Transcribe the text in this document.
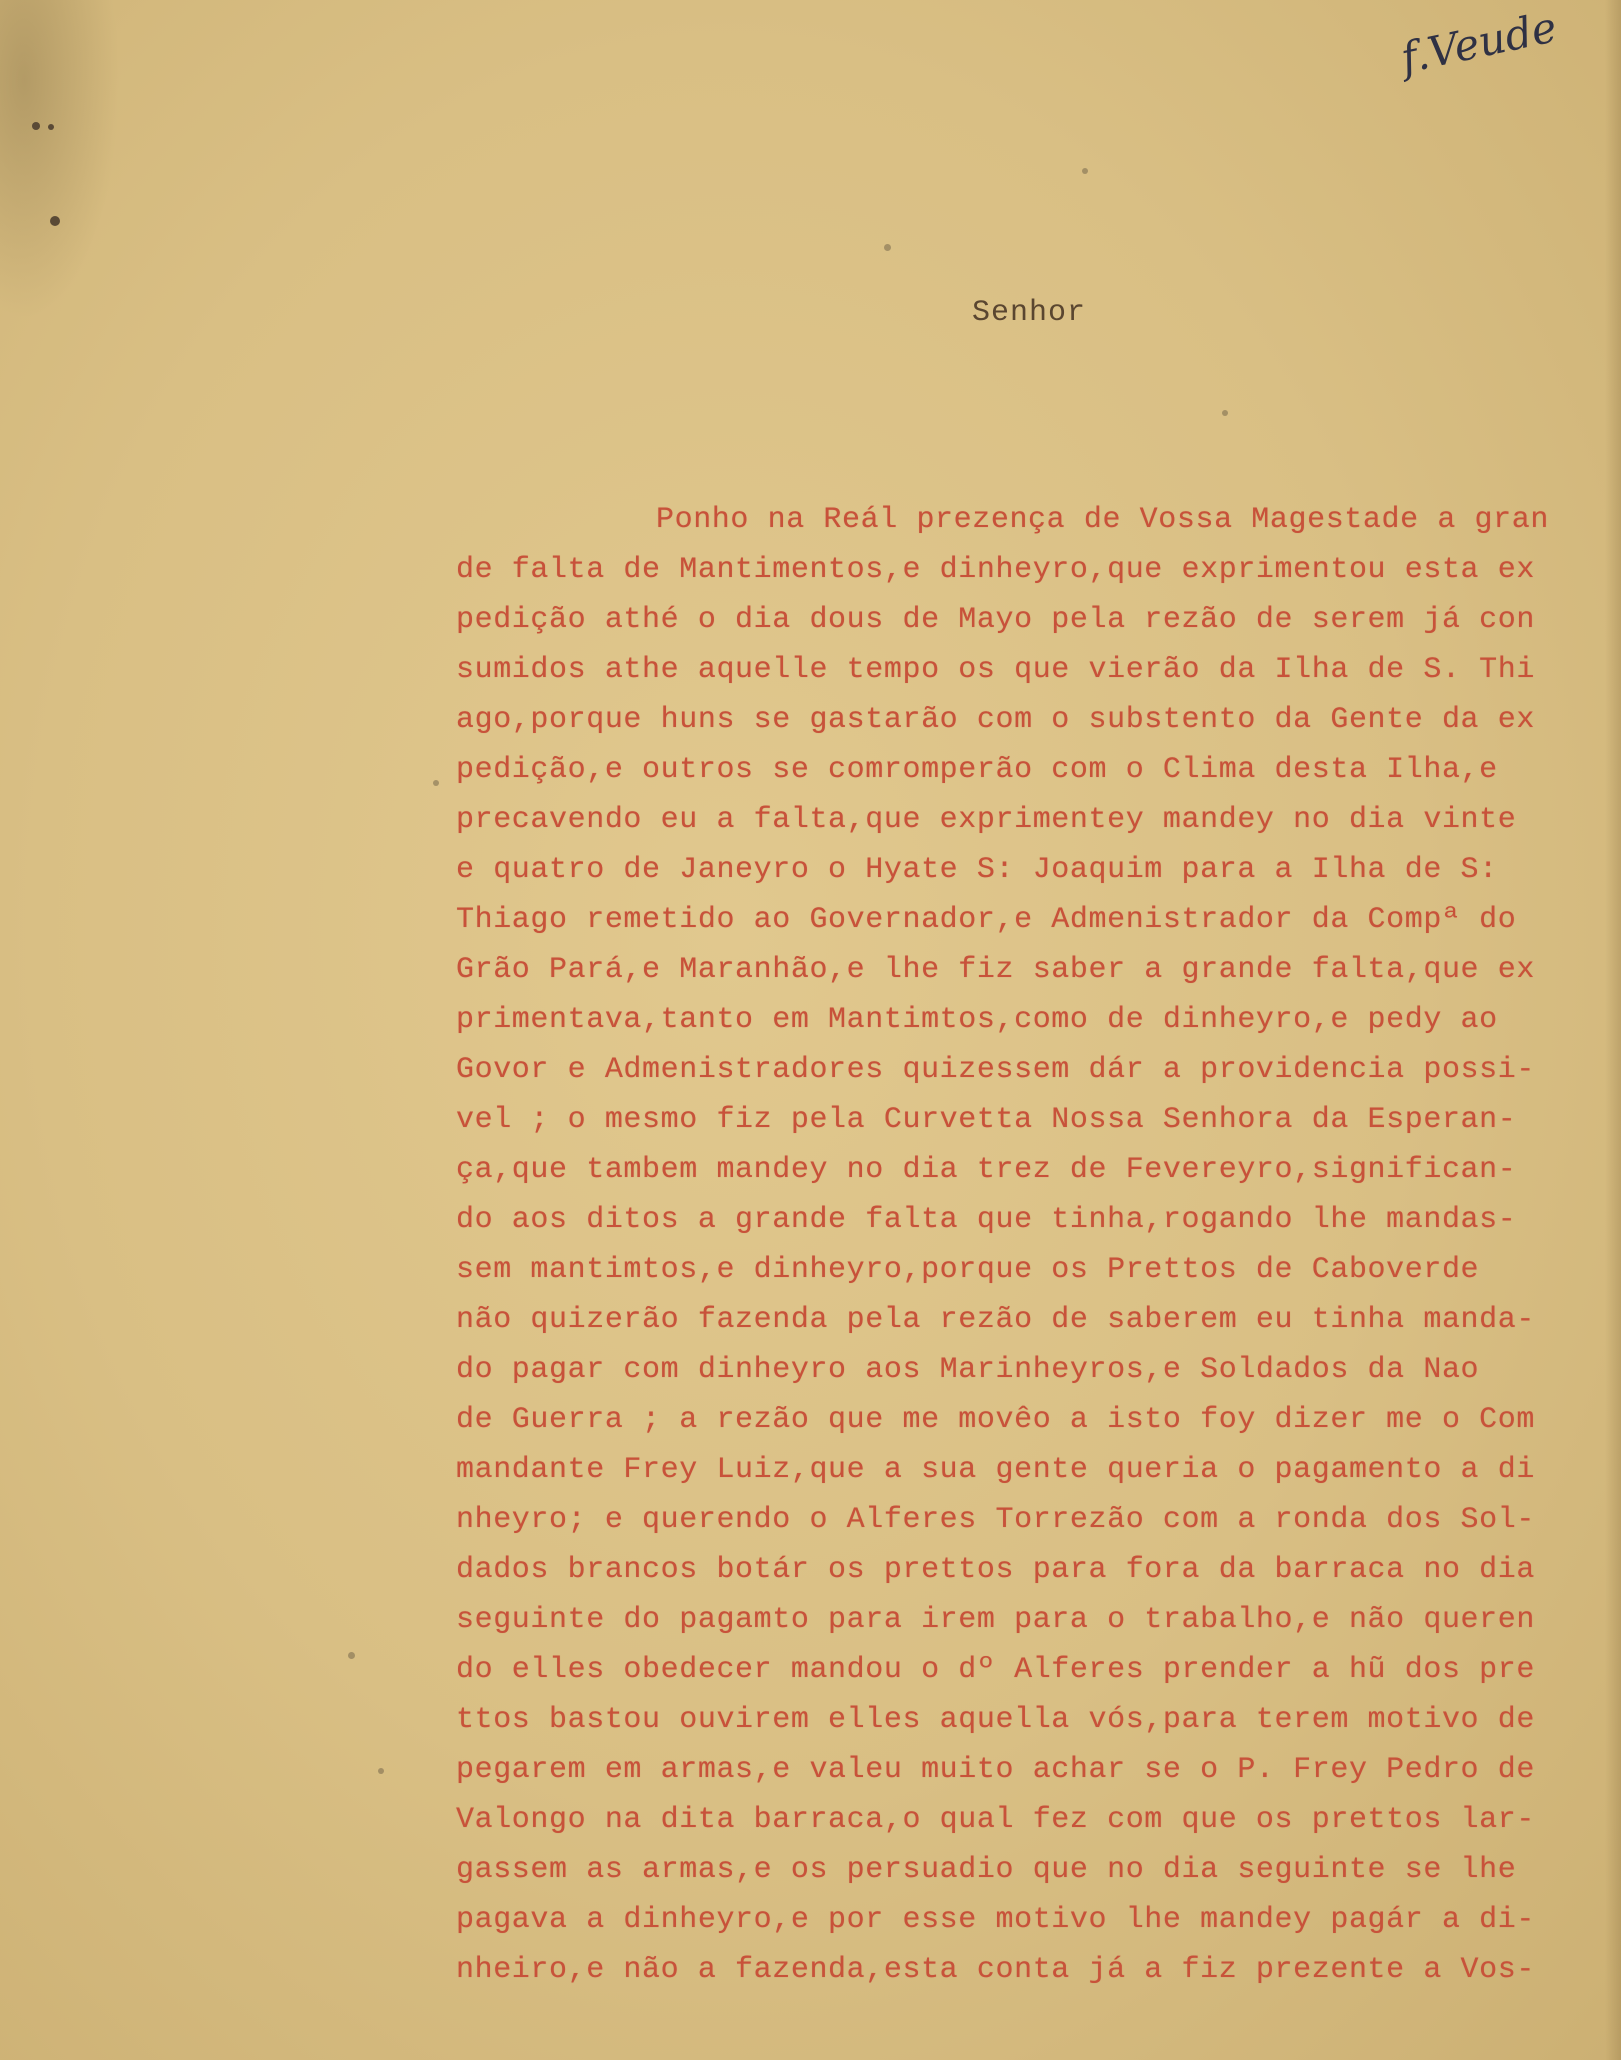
f.Veude
Senhor
Ponho na Reál prezença de Vossa Magestade a gran
de falta de Mantimentos,e dinheyro,que exprimentou esta ex
pedição athé o dia dous de Mayo pela rezão de serem já con
sumidos athe aquelle tempo os que vierão da Ilha de S. Thi
ago,porque huns se gastarão com o substento da Gente da ex
pedição,e outros se comromperão com o Clima desta Ilha,e
precavendo eu a falta,que exprimentey mandey no dia vinte
e quatro de Janeyro o Hyate S: Joaquim para a Ilha de S:
Thiago remetido ao Governador,e Admenistrador da Compª do
Grão Pará,e Maranhão,e lhe fiz saber a grande falta,que ex
primentava,tanto em Mantimtos,como de dinheyro,e pedy ao
Govor e Admenistradores quizessem dár a providencia possi-
vel ; o mesmo fiz pela Curvetta Nossa Senhora da Esperan-
ça,que tambem mandey no dia trez de Fevereyro,significan-
do aos ditos a grande falta que tinha,rogando lhe mandas-
sem mantimtos,e dinheyro,porque os Prettos de Caboverde
não quizerão fazenda pela rezão de saberem eu tinha manda-
do pagar com dinheyro aos Marinheyros,e Soldados da Nao
de Guerra ; a rezão que me movêo a isto foy dizer me o Com
mandante Frey Luiz,que a sua gente queria o pagamento a di
nheyro; e querendo o Alferes Torrezão com a ronda dos Sol-
dados brancos botár os prettos para fora da barraca no dia
seguinte do pagamto para irem para o trabalho,e não queren
do elles obedecer mandou o dº Alferes prender a hũ dos pre
ttos bastou ouvirem elles aquella vós,para terem motivo de
pegarem em armas,e valeu muito achar se o P. Frey Pedro de
Valongo na dita barraca,o qual fez com que os prettos lar-
gassem as armas,e os persuadio que no dia seguinte se lhe
pagava a dinheyro,e por esse motivo lhe mandey pagár a di-
nheiro,e não a fazenda,esta conta já a fiz prezente a Vos-
